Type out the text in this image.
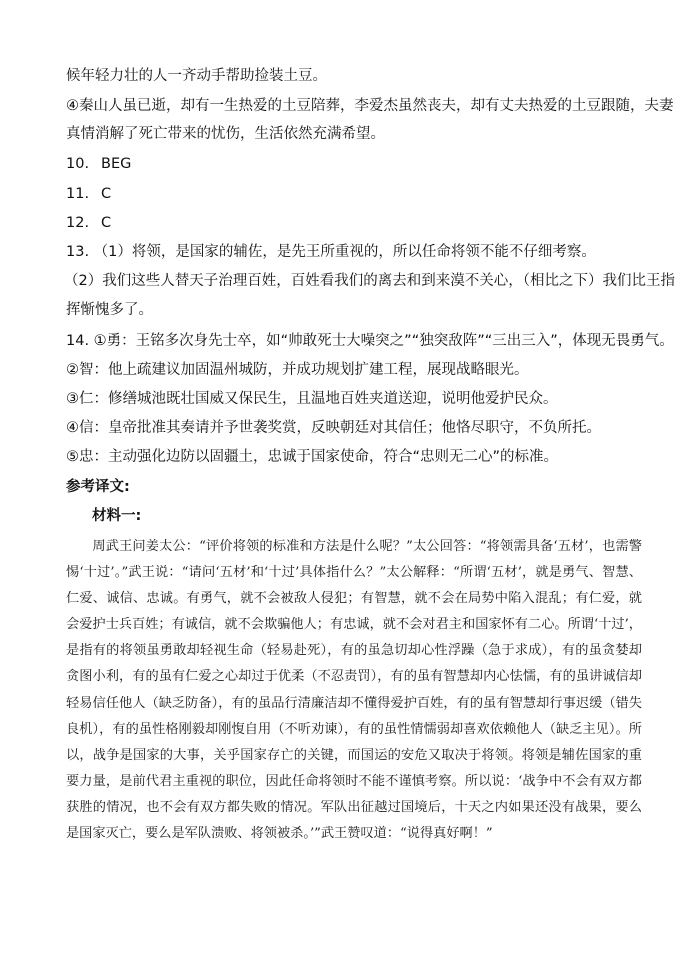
候年轻力壮的人一齐动手帮助捡装土豆。
④秦山人虽已逝，却有一生热爱的土豆陪葬，李爱杰虽然丧夫，却有丈夫热爱的土豆跟随，夫妻
真情消解了死亡带来的忧伤，生活依然充满希望。
10. BEG
11. C
12. C
13. （1）将领，是国家的辅佐，是先王所重视的，所以任命将领不能不仔细考察。
（2）我们这些人替天子治理百姓，百姓看我们的离去和到来漠不关心，（相比之下）我们比王指
挥惭愧多了。
14. ①勇：王铭多次身先士卒，如“帅敢死士大噪突之”“独突敌阵”“三出三入”，体现无畏勇气。
②智：他上疏建议加固温州城防，并成功规划扩建工程，展现战略眼光。
③仁：修缮城池既壮国威又保民生，且温地百姓夹道送迎，说明他爱护民众。
④信：皇帝批准其奏请并予世袭奖赏，反映朝廷对其信任；他恪尽职守，不负所托。
⑤忠：主动强化边防以固疆土，忠诚于国家使命，符合“忠则无二心”的标准。
参考译文:
材料一:

周武王问姜太公：“评价将领的标准和方法是什么呢？”太公回答：“将领需具备‘五材’，也需警惕‘十过’。”武王说：“请问‘五材’和‘十过’具体指什么？”太公解释：“所谓‘五材’，就是勇气、智慧、仁爱、诚信、忠诚。有勇气，就不会被敌人侵犯；有智慧，就不会在局势中陷入混乱；有仁爱，就会爱护士兵百姓；有诚信，就不会欺骗他人；有忠诚，就不会对君主和国家怀有二心。所谓‘十过’，是指有的将领虽勇敢却轻视生命（轻易赴死），有的虽急切却心性浮躁（急于求成），有的虽贪婪却贪图小利，有的虽有仁爱之心却过于优柔（不忍责罚），有的虽有智慧却内心怯懦，有的虽讲诚信却轻易信任他人（缺乏防备），有的虽品行清廉洁却不懂得爱护百姓，有的虽有智慧却行事迟缓（错失良机），有的虽性格刚毅却刚愎自用（不听劝谏），有的虽性情懦弱却喜欢依赖他人（缺乏主见）。所以，战争是国家的大事，关乎国家存亡的关键，而国运的安危又取决于将领。将领是辅佐国家的重要力量，是前代君主重视的职位，因此任命将领时不能不谨慎考察。所以说：‘战争中不会有双方都获胜的情况，也不会有双方都失败的情况。军队出征越过国境后，十天之内如果还没有战果，要么是国家灭亡，要么是军队溃败、将领被杀。’”武王赞叹道：“说得真好啊！”
